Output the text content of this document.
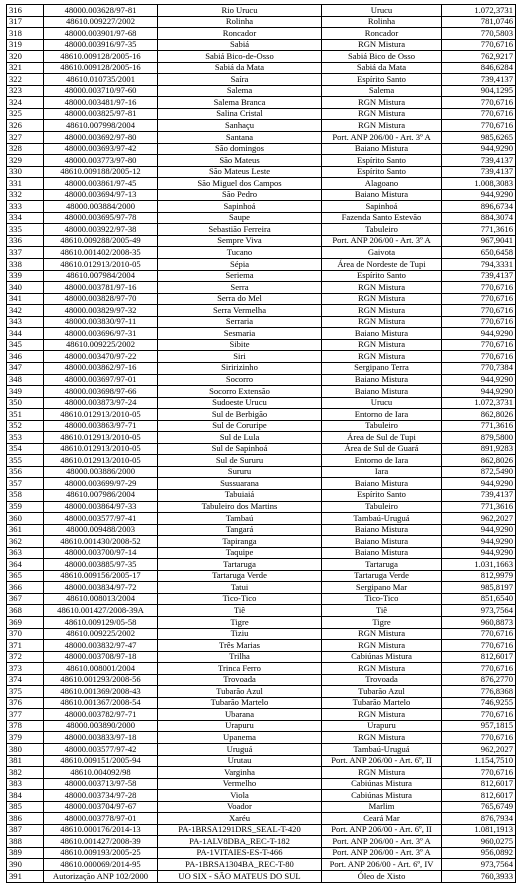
316	48000.003628/97-81	Rio Urucu	Urucu	1.072,3731
317	48610.009227/2002	Rolinha	Rolinha	781,0746
318	48000.003901/97-68	Roncador	Roncador	770,5803
319	48000.003916/97-35	Sabiá	RGN Mistura	770,6716
320	48610.009128/2005-16	Sabiá Bico-de-Osso	Sabiá Bico de Osso	762,9217
321	48610.009128/2005-16	Sabiá da Mata	Sabiá da Mata	846,6284
322	48610.010735/2001	Saíra	Espírito Santo	739,4137
323	48000.003710/97-60	Salema	Salema	904,1295
324	48000.003481/97-16	Salema Branca	RGN Mistura	770,6716
325	48000.003825/97-81	Salina Cristal	RGN Mistura	770,6716
326	48610.007998/2004	Sanhaçu	RGN Mistura	770,6716
327	48000.003692/97-80	Santana	Port. ANP 206/00 - Art. 3º A	985,6265
328	48000.003693/97-42	São domingos	Baiano Mistura	944,9290
329	48000.003773/97-80	São Mateus	Espírito Santo	739,4137
330	48610.009188/2005-12	São Mateus Leste	Espírito Santo	739,4137
331	48000.003861/97-45	São Miguel dos Campos	Alagoano	1.008,3083
332	48000.003694/97-13	São Pedro	Baiano Mistura	944,9290
333	48000.003884/2000	Sapinhoá	Sapinhoá	896,6734
334	48000.003695/97-78	Saupe	Fazenda Santo Estevão	884,3074
335	48000.003922/97-38	Sebastião Ferreira	Tabuleiro	771,3616
336	48610.009288/2005-49	Sempre Viva	Port. ANP 206/00 - Art. 3º A	967,9041
337	48610.001402/2008-35	Tucano	Gaivota	650,6458
338	48610.012913/2010-05	Sépia	Área de Nordeste de Tupi	794,3331
339	48610.007984/2004	Seriema	Espírito Santo	739,4137
340	48000.003781/97-16	Serra	RGN Mistura	770,6716
341	48000.003828/97-70	Serra do Mel	RGN Mistura	770,6716
342	48000.003829/97-32	Serra Vermelha	RGN Mistura	770,6716
343	48000.003830/97-11	Serraria	RGN Mistura	770,6716
344	48000.003696/97-31	Sesmaria	Baiano Mistura	944,9290
345	48610.009225/2002	Sibite	RGN Mistura	770,6716
346	48000.003470/97-22	Siri	RGN Mistura	770,6716
347	48000.003862/97-16	Siririzinho	Sergipano Terra	770,7384
348	48000.003697/97-01	Socorro	Baiano Mistura	944,9290
349	48000.003698/97-66	Socorro Extensão	Baiano Mistura	944,9290
350	48000.003873/97-24	Sudoeste Urucu	Urucu	1.072,3731
351	48610.012913/2010-05	Sul de Berbigão	Entorno de Iara	862,8026
352	48000.003863/97-71	Sul de Coruripe	Tabuleiro	771,3616
353	48610.012913/2010-05	Sul de Lula	Área de Sul de Tupi	879,5800
354	48610.012913/2010-05	Sul de Sapinhoá	Área de Sul de Guará	891,9283
355	48610.012913/2010-05	Sul de Sururu	Entorno de Iara	862,8026
356	48000.003886/2000	Sururu	Iara	872,5490
357	48000.003699/97-29	Sussuarana	Baiano Mistura	944,9290
358	48610.007986/2004	Tabuiaiá	Espírito Santo	739,4137
359	48000.003864/97-33	Tabuleiro dos Martins	Tabuleiro	771,3616
360	48000.003577/97-41	Tambaú	Tambaú-Uruguá	962,2027
361	48000.009488/2003	Tangará	Baiano Mistura	944,9290
362	48610.001430/2008-52	Tapiranga	Baiano Mistura	944,9290
363	48000.003700/97-14	Taquipe	Baiano Mistura	944,9290
364	48000.003885/97-35	Tartaruga	Tartaruga	1.031,1663
365	48610.009156/2005-17	Tartaruga Verde	Tartaruga Verde	812,9979
366	48000.003834/97-72	Tatui	Sergipano Mar	985,8197
367	48610.008013/2004	Tico-Tico	Tico-Tico	851,6540
368	48610.001427/2008-39A	Tiê	Tiê	973,7564
369	48610.009129/05-58	Tigre	Tigre	960,8873
370	48610.009225/2002	Tiziu	RGN Mistura	770,6716
371	48000.003832/97-47	Três Marias	RGN Mistura	770,6716
372	48000.003708/97-18	Trilha	Cabiúnas Mistura	812,6017
373	48610.008001/2004	Trinca Ferro	RGN Mistura	770,6716
374	48610.001293/2008-56	Trovoada	Trovoada	876,2770
375	48610.001369/2008-43	Tubarão Azul	Tubarão Azul	776,8368
376	48610.001367/2008-54	Tubarão Martelo	Tubarão Martelo	746,9255
377	48000.003782/97-71	Ubarana	RGN Mistura	770,6716
378	48000.003890/2000	Urapuru	Urapuru	957,1815
379	48000.003833/97-18	Upanema	RGN Mistura	770,6716
380	48000.003577/97-42	Uruguá	Tambaú-Uruguá	962,2027
381	48610.009151/2005-94	Urutau	Port. ANP 206/00 - Art. 6º, II	1.154,7510
382	48610.004092/98	Varginha	RGN Mistura	770,6716
383	48000.003713/97-58	Vermelho	Cabiúnas Mistura	812,6017
384	48000.003734/97-28	Viola	Cabiúnas Mistura	812,6017
385	48000.003704/97-67	Voador	Marlim	765,6749
386	48000.003778/97-01	Xaréu	Ceará Mar	876,7934
387	48610.000176/2014-13	PA-1BRSA1291DRS_SEAL-T-420	Port. ANP 206/00 - Art. 6º, II	1.081,1913
388	48610.001427/2008-39	PA-1ALV8DBA_REC-T-182	Port. ANP 206/00 - Art. 3º A	960,0275
389	48610.009193/2005-25	PA-1VITAIES-ES-T-466	Port. ANP 206/00 - Art. 3º A	956,0892
390	48610.000069/2014-95	PA-1BRSA1304BA_REC-T-80	Port. ANP 206/00 - Art. 6º, IV	973,7564
391	Autorização ANP 102/2000	UO SIX - SÃO MATEUS DO SUL	Óleo de Xisto	760,3933
